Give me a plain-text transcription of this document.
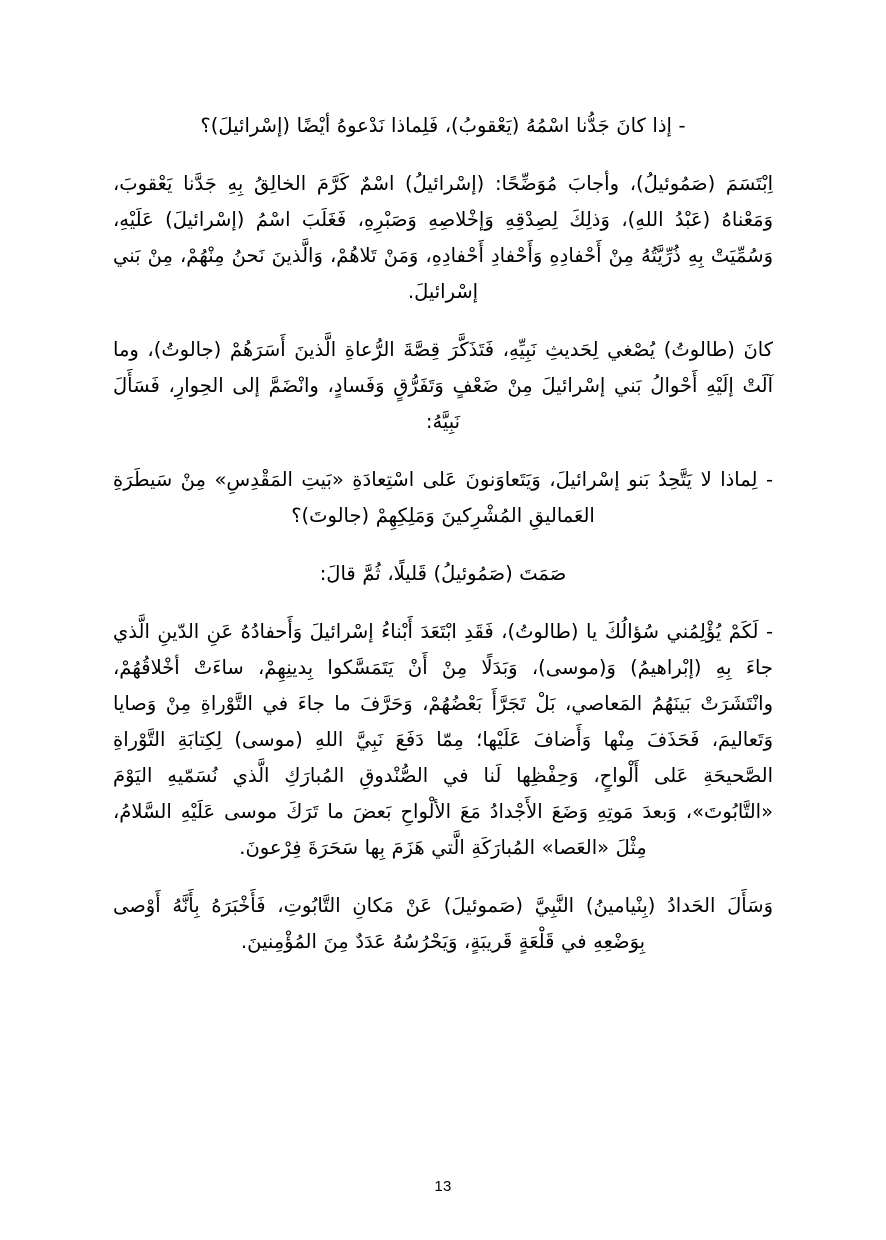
- إذا كانَ جَدُّنا اسْمُهُ (يَعْقوبُ)، فَلِماذا نَدْعوهُ أيْضًا (إسْرائيلَ)؟

اِبْتَسَمَ (صَمُوئيلُ)، وأجابَ مُوَضِّحًا: (إسْرائيلُ) اسْمٌ كَرَّمَ الخالِقُ بِهِ جَدَّنا يَعْقوبَ، وَمَعْناهُ (عَبْدُ اللهِ)، وَذلِكَ لِصِدْقِهِ وَإخْلاصِهِ وَصَبْرِهِ، فَغَلَبَ اسْمُ (إسْرائيلَ) عَلَيْهِ، وَسُمِّيَتْ بِهِ ذُرِّيَّتُهُ مِنْ أَحْفادِهِ وَأَحْفادِ أَحْفادِهِ، وَمَنْ تَلاهُمْ، وَالَّذينَ نَحنُ مِنْهُمْ، مِنْ بَني إسْرائيلَ.

كانَ (طالوتُ) يُصْغي لِحَديثِ نَبِيِّهِ، فَتَذَكَّرَ قِصَّةَ الرُّعاةِ الَّذينَ أَسَرَهُمْ (جالوتُ)، وما آلَتْ إلَيْهِ أَحْوالُ بَني إسْرائيلَ مِنْ ضَعْفٍ وَتَفَرُّقٍ وَفَسادٍ، وانْضَمَّ إلى الحِوارِ، فَسَأَلَ نَبِيَّهُ:

- لِماذا لا يَتَّحِدُ بَنو إسْرائيلَ، وَيَتَعاوَنونَ عَلى اسْتِعادَةِ «بَيتِ المَقْدِسِ» مِنْ سَيطَرَةِ العَماليقِ المُشْرِكينَ وَمَلِكِهِمْ (جالوتَ)؟

صَمَتَ (صَمُوئيلُ) قَليلًا، ثُمَّ قالَ:

- لَكَمْ يُؤْلِمُني سُؤالُكَ يا (طالوتُ)، فَقَدِ ابْتَعَدَ أَبْناءُ إسْرائيلَ وَأَحفادُهُ عَنِ الدّينِ الَّذي جاءَ بِهِ (إبْراهيمُ) وَ(موسى)، وَبَدَلًا مِنْ أَنْ يَتَمَسَّكوا بِدينِهِمْ، ساءَتْ أخْلاقُهُمْ، وانْتَشَرَتْ بَينَهُمُ المَعاصي، بَلْ تَجَرَّأَ بَعْضُهُمْ، وَحَرَّفَ ما جاءَ في التَّوْراةِ مِنْ وَصايا وَتَعاليمَ، فَحَذَفَ مِنْها وَأَضافَ عَلَيْها؛ مِمّا دَفَعَ نَبِيَّ اللهِ (موسى) لِكِتابَةِ التَّوْراةِ الصَّحيحَةِ عَلى أَلْواحٍ، وَحِفْظِها لَنا في الصُّنْدوقِ المُبارَكِ الَّذي نُسَمّيهِ اليَوْمَ «التَّابُوتَ»، وَبعدَ مَوتِهِ وَضَعَ الأَجْدادُ مَعَ الألْواحِ بَعضَ ما تَرَكَ موسى عَلَيْهِ السَّلامُ، مِثْلَ «العَصا» المُبارَكَةِ الَّتي هَزَمَ بِها سَحَرَةَ فِرْعونَ.

وَسَأَلَ الحَدادُ (بِنْيامينُ) النَّبِيَّ (صَموئيلَ) عَنْ مَكانِ التَّابُوتِ، فَأَخْبَرَهُ بِأَنَّهُ أَوْصى بِوَضْعِهِ في قَلْعَةٍ قَريبَةٍ، وَيَحْرُسُهُ عَدَدٌ مِنَ المُؤْمِنينَ.

13
